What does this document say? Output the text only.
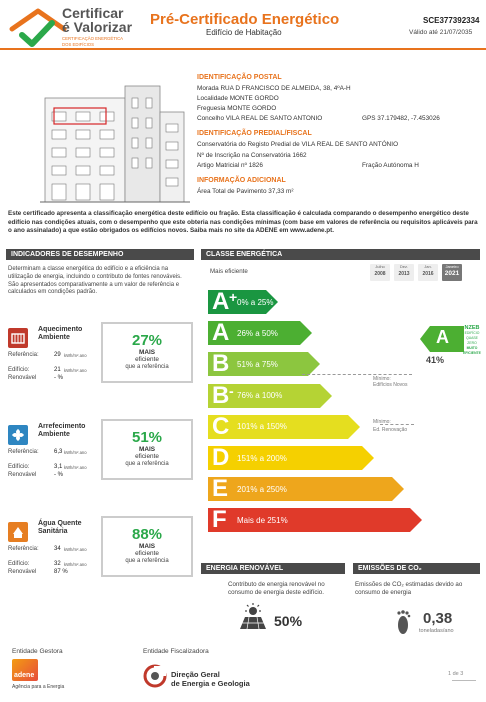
Certificar
é Valorizar
CERTIFICAÇÃO ENERGÉTICA
DOS EDIFÍCIOS
Pré-Certificado Energético
Edifício de Habitação
SCE377392334
Válido até 21/07/2035
IDENTIFICAÇÃO POSTAL
Morada RUA D FRANCISCO DE ALMEIDA, 38, 4ºA-H
Localidade MONTE GORDO
Freguesia MONTE GORDO
Concelho VILA REAL DE SANTO ANTONIO	GPS 37.179482, -7.453026
IDENTIFICAÇÃO PREDIAL/FISCAL
Conservatória do Registo Predial de VILA REAL DE SANTO ANTÓNIO
Nº de Inscrição na Conservatória 1662
Artigo Matricial nº 1826	Fração Autónoma H
INFORMAÇÃO ADICIONAL
Área Total de Pavimento 37,33 m²
Este certificado apresenta a classificação energética deste edifício ou fração. Esta classificação é calculada comparando o desempenho energético deste edifício nas condições atuais, com o desempenho que este obteria nas condições mínimas (com base em valores de referência ou requisitos aplicáveis para o ano assinalado) a que estão obrigados os edifícios novos. Saiba mais no site da ADENE em www.adene.pt.
INDICADORES DE DESEMPENHO
Determinam a classe energética do edifício e a eficiência na utilização de energia, incluindo o contributo de fontes renováveis. São apresentados comparativamente a um valor de referência e calculados em condições padrão.
Aquecimento
Ambiente
Referência:	29 kWh/m².ano
Edifício:	21 kWh/m².ano
Renovável	- %
27%
MAIS
eficiente
que a referência
Arrefecimento
Ambiente
Referência:	6,3 kWh/m².ano
Edifício:	3,1 kWh/m².ano
Renovável	- %
51%
MAIS
eficiente
que a referência
Água Quente
Sanitária
Referência:	34 kWh/m².ano
Edifício:	32 kWh/m².ano
Renovável	87 %
88%
MAIS
eficiente
que a referência
CLASSE ENERGÉTICA
Mais eficiente
Julho
2008
Dez.
2013
Jan.
2016
Janeiro
2021
A + 0% a 25%
A 26% a 50%
B 51% a 75%
B - 76% a 100%
C 101% a 150%
D 151% a 200%
E 201% a 250%
F Mais de 251%
A
41%
NZEB
EDIFÍCIO
QUASE ZERO
MUITO
EFICIENTE
Mínimo:
Edifícios Novos
Mínimo:
Ed. Renovação
ENERGIA RENOVÁVEL
Contributo de energia renovável no consumo de energia deste edifício.
50%
EMISSÕES DE CO₂
Emissões de CO₂ estimadas devido ao consumo de energia
0,38
toneladas/ano
Entidade Gestora
adene
Agência para a Energia
Entidade Fiscalizadora
Direção Geral
de Energia e Geologia
1 de 3
